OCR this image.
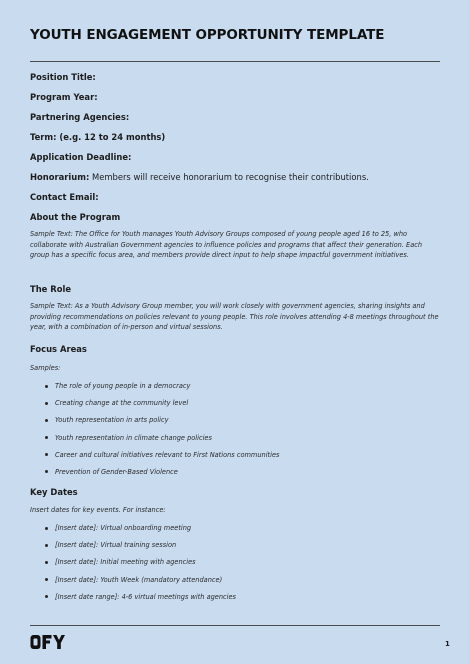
YOUTH ENGAGEMENT OPPORTUNITY TEMPLATE
Position Title:
Program Year:
Partnering Agencies:
Term: (e.g. 12 to 24 months)
Application Deadline:
Honorarium: Members will receive honorarium to recognise their contributions.
Contact Email:
About the Program
Sample Text: The Office for Youth manages Youth Advisory Groups composed of young people aged 16 to 25, who collaborate with Australian Government agencies to influence policies and programs that affect their generation. Each group has a specific focus area, and members provide direct input to help shape impactful government initiatives.
The Role
Sample Text: As a Youth Advisory Group member, you will work closely with government agencies, sharing insights and providing recommendations on policies relevant to young people. This role involves attending 4-8 meetings throughout the year, with a combination of in-person and virtual sessions.
Focus Areas
Samples:
The role of young people in a democracy
Creating change at the community level
Youth representation in arts policy
Youth representation in climate change policies
Career and cultural initiatives relevant to First Nations communities
Prevention of Gender-Based Violence
Key Dates
Insert dates for key events. For instance:
[Insert date]: Virtual onboarding meeting
[Insert date]: Virtual training session
[Insert date]: Initial meeting with agencies
[Insert date]: Youth Week (mandatory attendance)
[Insert date range]: 4-6 virtual meetings with agencies
1
